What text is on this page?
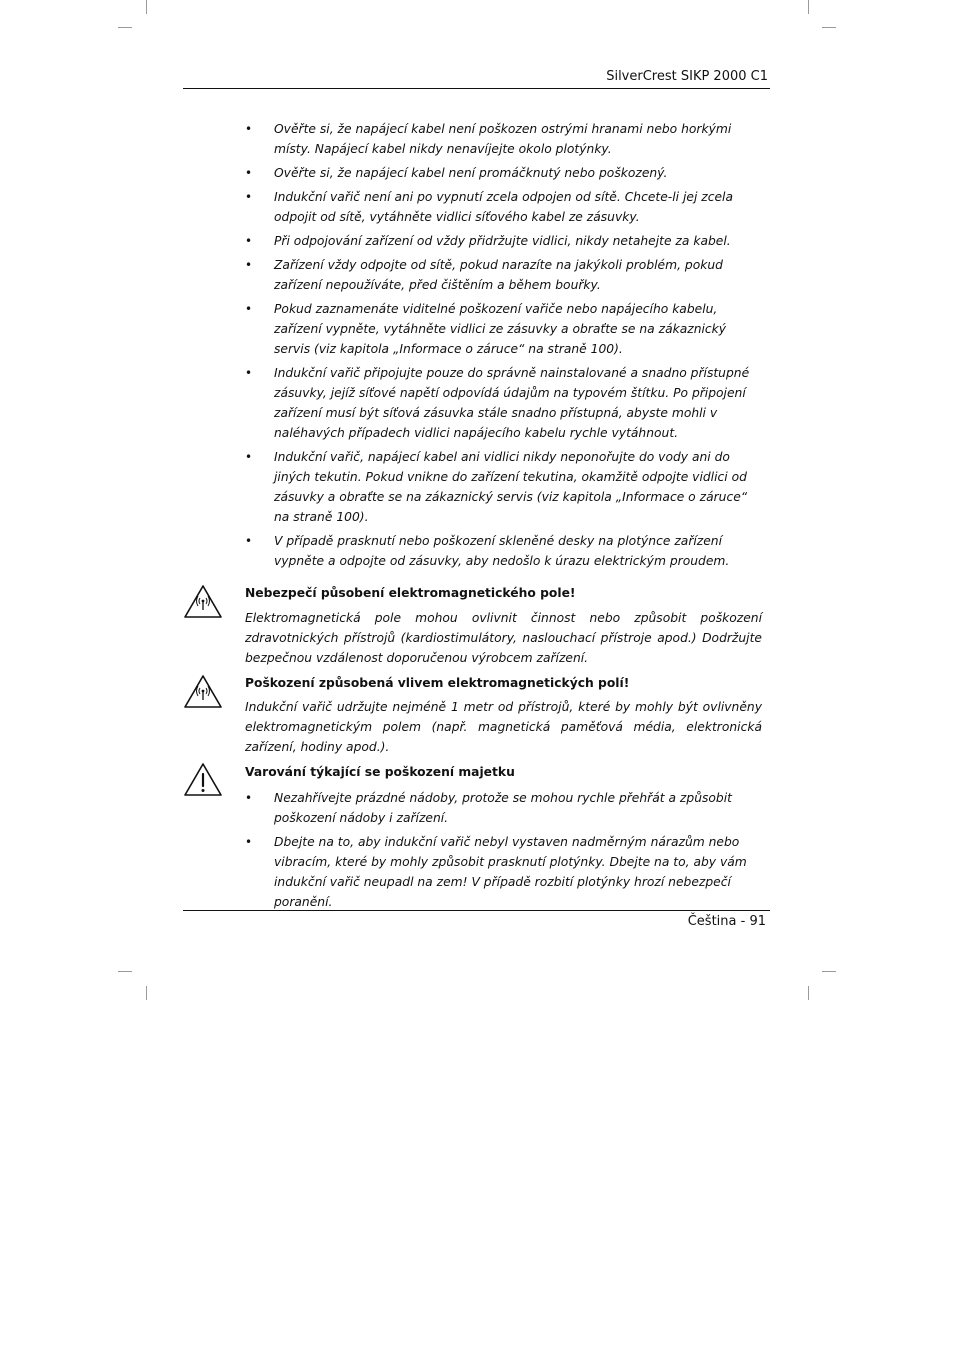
SilverCrest SIKP 2000 C1
• Ověřte si, že napájecí kabel není poškozen ostrými hranami nebo horkými místy. Napájecí kabel nikdy nenavíjejte okolo plotýnky.
• Ověřte si, že napájecí kabel není promáčknutý nebo poškozený.
• Indukční vařič není ani po vypnutí zcela odpojen od sítě. Chcete-li jej zcela odpojit od sítě, vytáhněte vidlici síťového kabel ze zásuvky.
• Při odpojování zařízení od vždy přidržujte vidlici, nikdy netahejte za kabel.
• Zařízení vždy odpojte od sítě, pokud narazíte na jakýkoli problém, pokud zařízení nepoužíváte, před čištěním a během bouřky.
• Pokud zaznamenáte viditelné poškození vařiče nebo napájecího kabelu, zařízení vypněte, vytáhněte vidlici ze zásuvky a obraťte se na zákaznický servis (viz kapitola „Informace o záruce“ na straně 100).
• Indukční vařič připojujte pouze do správně nainstalované a snadno přístupné zásuvky, jejíž síťové napětí odpovídá údajům na typovém štítku. Po připojení zařízení musí být síťová zásuvka stále snadno přístupná, abyste mohli v naléhavých případech vidlici napájecího kabelu rychle vytáhnout.
• Indukční vařič, napájecí kabel ani vidlici nikdy neponořujte do vody ani do jiných tekutin. Pokud vnikne do zařízení tekutina, okamžitě odpojte vidlici od zásuvky a obraťte se na zákaznický servis (viz kapitola „Informace o záruce“ na straně 100).
• V případě prasknutí nebo poškození skleněné desky na plotýnce zařízení vypněte a odpojte od zásuvky, aby nedošlo k úrazu elektrickým proudem.
Nebezpečí působení elektromagnetického pole!
Elektromagnetická pole mohou ovlivnit činnost nebo způsobit poškození zdravotnických přístrojů (kardiostimulátory, naslouchací přístroje apod.) Dodržujte bezpečnou vzdálenost doporučenou výrobcem zařízení.
Poškození způsobená vlivem elektromagnetických polí!
Indukční vařič udržujte nejméně 1 metr od přístrojů, které by mohly být ovlivněny elektromagnetickým polem (např. magnetická paměťová média, elektronická zařízení, hodiny apod.).
Varování týkající se poškození majetku
• Nezahřívejte prázdné nádoby, protože se mohou rychle přehřát a způsobit poškození nádoby i zařízení.
• Dbejte na to, aby indukční vařič nebyl vystaven nadměrným nárazům nebo vibracím, které by mohly způsobit prasknutí plotýnky. Dbejte na to, aby vám indukční vařič neupadl na zem! V případě rozbití plotýnky hrozí nebezpečí poranění.
Čeština - 91
